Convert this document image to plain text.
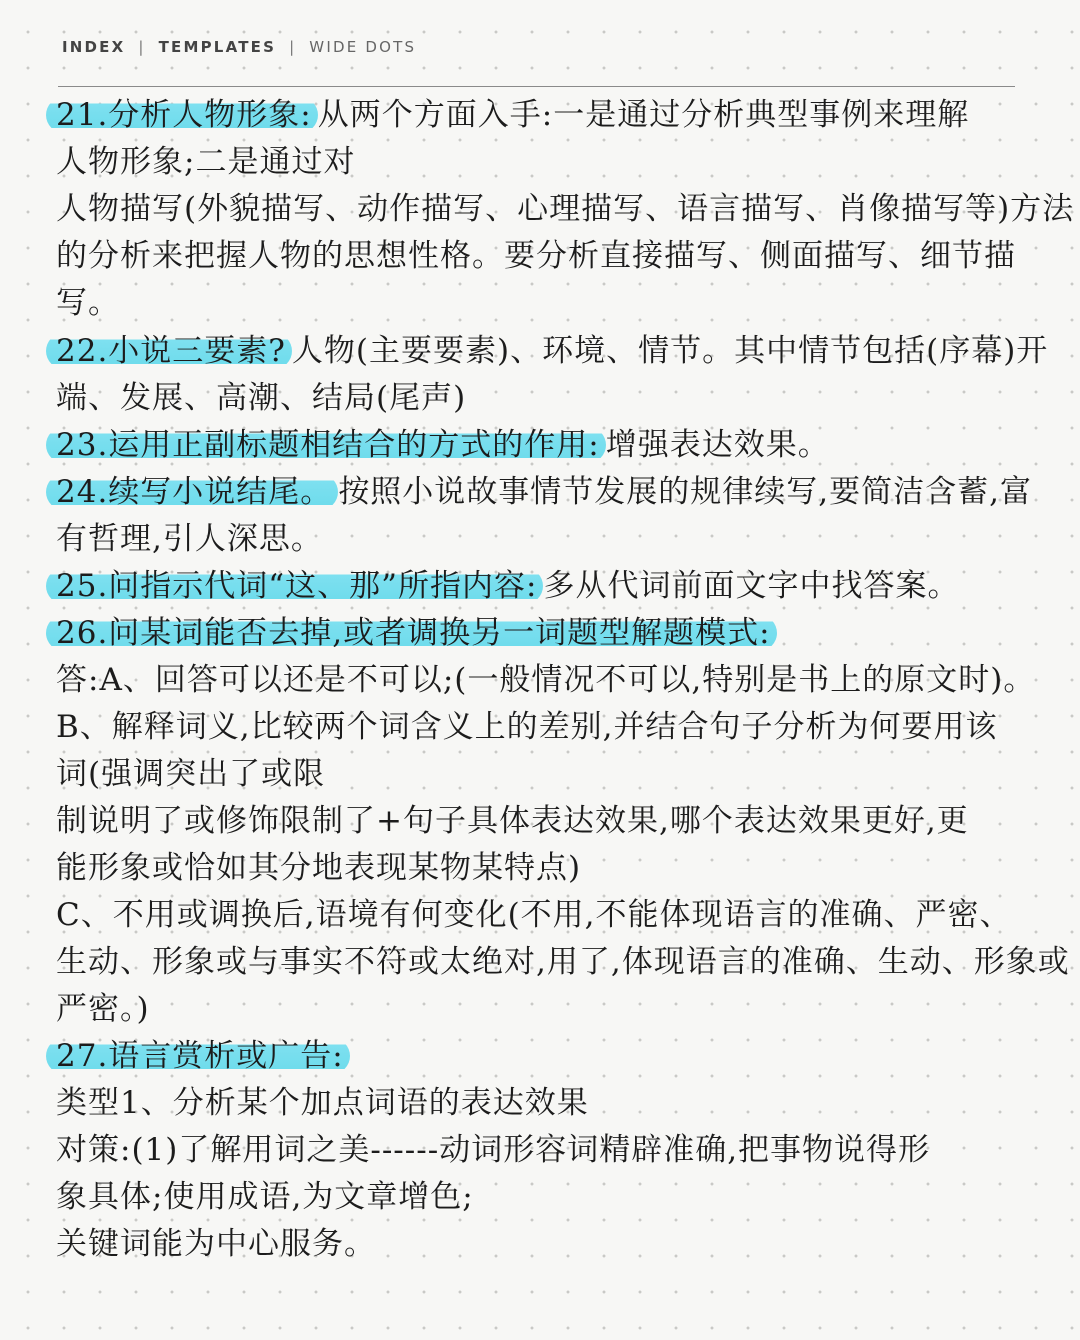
INDEX | TEMPLATES | WIDE DOTS
21.分析人物形象: 从两个方面入手:一是通过分析典型事例来理解
人物形象;二是通过对
人物描写(外貌描写、动作描写、心理描写、语言描写、肖像描写等)方法
的分析来把握人物的思想性格。要分析直接描写、侧面描写、细节描
写。
22.小说三要素? 人物(主要要素)、环境、情节。其中情节包括(序幕)开
端、发展、高潮、结局(尾声)
23.运用正副标题相结合的方式的作用: 增强表达效果。
24.续写小说结尾。 按照小说故事情节发展的规律续写,要简洁含蓄,富
有哲理,引人深思。
25.问指示代词“这、那”所指内容: 多从代词前面文字中找答案。
26.问某词能否去掉,或者调换另一词题型解题模式:
答:A、回答可以还是不可以;(一般情况不可以,特别是书上的原文时)。
B、解释词义,比较两个词含义上的差别,并结合句子分析为何要用该
词(强调突出了或限
制说明了或修饰限制了+句子具体表达效果,哪个表达效果更好,更
能形象或恰如其分地表现某物某特点)
C、不用或调换后,语境有何变化(不用,不能体现语言的准确、严密、
生动、形象或与事实不符或太绝对,用了,体现语言的准确、生动、形象或
严密。)
27.语言赏析或广告:
类型1、分析某个加点词语的表达效果
对策:(1)了解用词之美------动词形容词精辟准确,把事物说得形
象具体;使用成语,为文章增色;
关键词能为中心服务。
